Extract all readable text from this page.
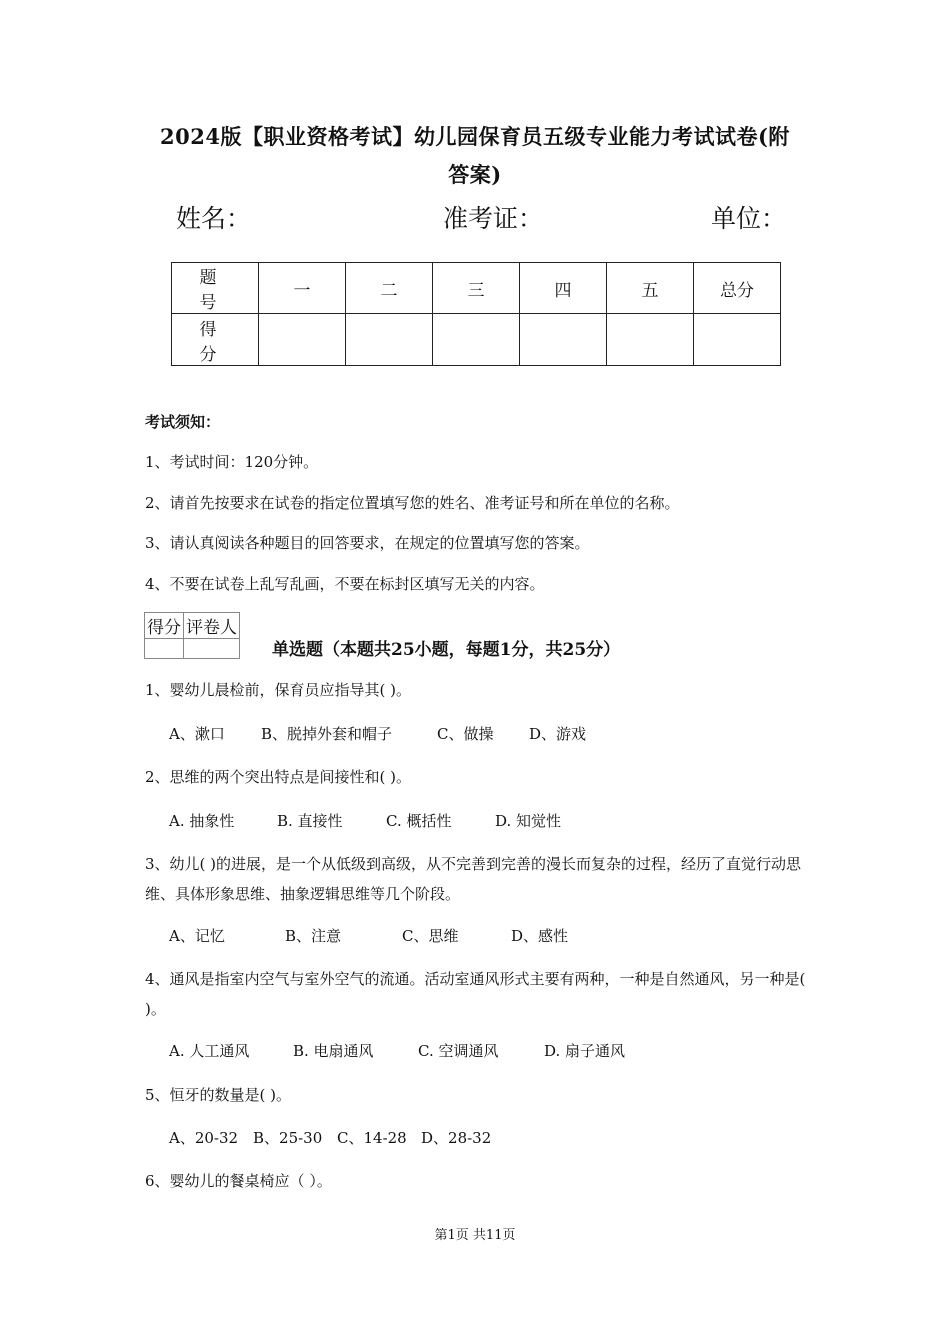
2024版【职业资格考试】幼儿园保育员五级专业能力考试试卷(附
答案)
姓名：	准考证：	单位：
题　号	一	二	三	四	五	总分
得　分						
考试须知：
1、考试时间：120分钟。
2、请首先按要求在试卷的指定位置填写您的姓名、准考证号和所在单位的名称。
3、请认真阅读各种题目的回答要求，在规定的位置填写您的答案。
4、不要在试卷上乱写乱画，不要在标封区填写无关的内容。
得分	评卷人

单选题（本题共25小题，每题1分，共25分）
1、婴幼儿晨检前，保育员应指导其( )。
A、漱口 B、脱掉外套和帽子	C、做操 D、游戏
2、思维的两个突出特点是间接性和( )。
A. 抽象性	B. 直接性	C. 概括性	D. 知觉性
3、幼儿( )的进展，是一个从低级到高级，从不完善到完善的漫长而复杂的过程，经历了直觉行动思维、具体形象思维、抽象逻辑思维等几个阶段。
A、记忆	B、注意	C、思维	D、感性
4、通风是指室内空气与室外空气的流通。活动室通风形式主要有两种，一种是自然通风，另一种是( )。
A. 人工通风	B. 电扇通风	C. 空调通风	D. 扇子通风
5、恒牙的数量是( )。
A、20-32 B、25-30 C、14-28 D、28-32
6、婴幼儿的餐桌椅应（ ）。
第1页 共11页
